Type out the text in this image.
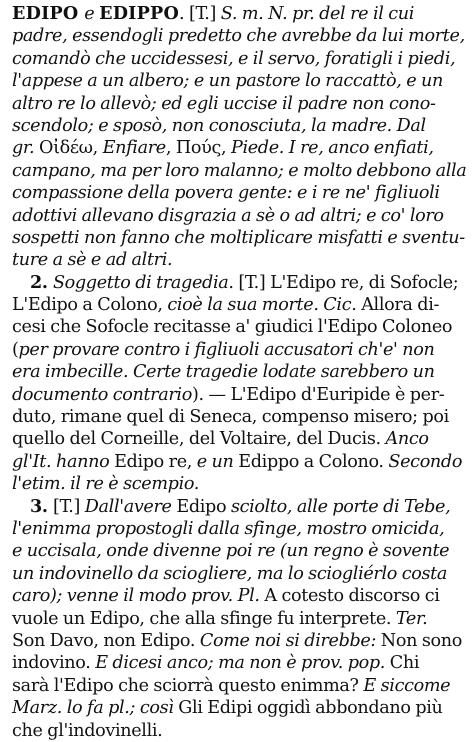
EDIPO e EDIPPO. [T.] S. m. N. pr. del re il cui
padre, essendogli predetto che avrebbe da lui morte,
comandò che uccidessesi, e il servo, foratigli i piedi,
l'appese a un albero; e un pastore lo raccattò, e un
altro re lo allevò; ed egli uccise il padre non cono-
scendolo; e sposò, non conosciuta, la madre. Dal
gr. Οἰδέω, Enfiare, Πούς, Piede. I re, anco enfiati,
campano, ma per loro malanno; e molto debbono alla
compassione della povera gente: e i re ne' figliuoli
adottivi allevano disgrazia a sè o ad altri; e co' loro
sospetti non fanno che moltiplicare misfatti e sventu-
ture a sè e ad altri.
2. Soggetto di tragedia. [T.] L'Edipo re, di Sofocle;
L'Edipo a Colono, cioè la sua morte. Cic. Allora di-
cesi che Sofocle recitasse a' giudici l'Edipo Coloneo
(per provare contro i figliuoli accusatori ch'e' non
era imbecille. Certe tragedie lodate sarebbero un
documento contrario). — L'Edipo d'Euripide è per-
duto, rimane quel di Seneca, compenso misero; poi
quello del Corneille, del Voltaire, del Ducis. Anco
gl'It. hanno Edipo re, e un Edippo a Colono. Secondo
l'etim. il re è scempio.
3. [T.] Dall'avere Edipo sciolto, alle porte di Tebe,
l'enimma propostogli dalla sfinge, mostro omicida,
e uccisala, onde divenne poi re (un regno è sovente
un indovinello da sciogliere, ma lo sciogliérlo costa
caro); venne il modo prov. Pl. A cotesto discorso ci
vuole un Edipo, che alla sfinge fu interprete. Ter.
Son Davo, non Edipo. Come noi si direbbe: Non sono
indovino. E dicesi anco; ma non è prov. pop. Chi
sarà l'Edipo che sciorrà questo enimma? E siccome
Marz. lo fa pl.; così Gli Edipi oggidì abbondano più
che gl'indovinelli.
